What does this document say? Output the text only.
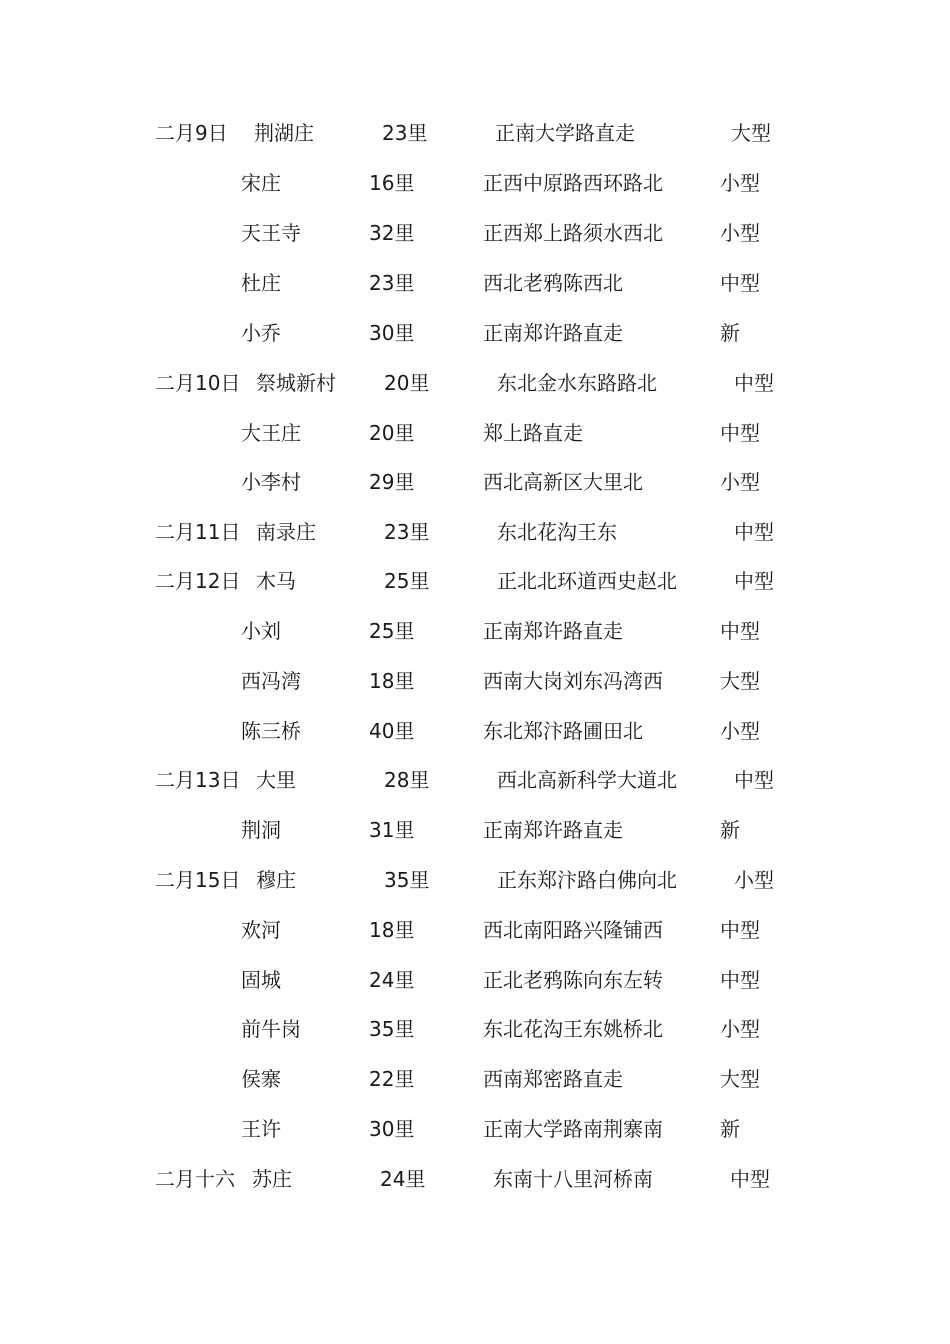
二月9日 荆湖庄	23里	正南大学路直走	大型
宋庄	16里	正西中原路西环路北	小型
天王寺	32里	正西郑上路须水西北	小型
杜庄	23里	西北老鸦陈西北	中型
小乔	30里	正南郑许路直走	新
二月10日 祭城新村 20里	东北金水东路路北	中型
大王庄	20里	郑上路直走	中型
小李村	29里	西北高新区大里北	小型
二月11日 南录庄	23里	东北花沟王东	中型
二月12日 木马	25里	正北北环道西史赵北	中型
小刘	25里	正南郑许路直走	中型
西冯湾	18里	西南大岗刘东冯湾西	大型
陈三桥	40里	东北郑汴路圃田北	小型
二月13日 大里	28里	西北高新科学大道北	中型
荆洞	31里	正南郑许路直走	新
二月15日 穆庄	35里	正东郑汴路白佛向北	小型
欢河	18里	西北南阳路兴隆铺西	中型
固城	24里	正北老鸦陈向东左转	中型
前牛岗	35里	东北花沟王东姚桥北	小型
侯寨	22里	西南郑密路直走	大型
王许	30里	正南大学路南荆寨南	新
二月十六 苏庄	24里	东南十八里河桥南	中型
